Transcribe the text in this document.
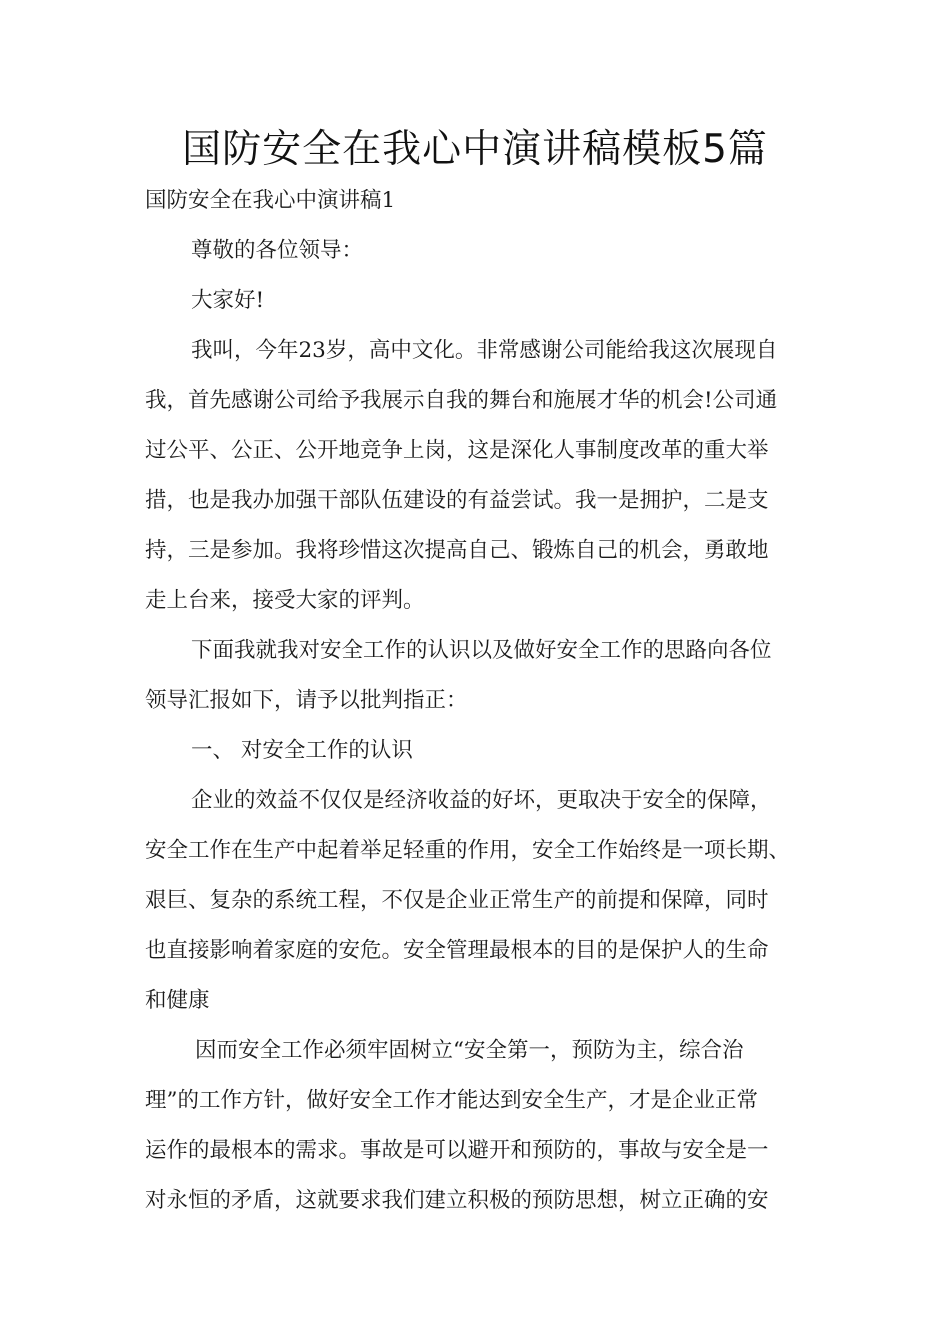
国防安全在我心中演讲稿模板5篇
国防安全在我心中演讲稿1
尊敬的各位领导：
大家好!
我叫，今年23岁，高中文化。非常感谢公司能给我这次展现自
我，首先感谢公司给予我展示自我的舞台和施展才华的机会!公司通
过公平、公正、公开地竞争上岗，这是深化人事制度改革的重大举
措，也是我办加强干部队伍建设的有益尝试。我一是拥护，二是支
持，三是参加。我将珍惜这次提高自己、锻炼自己的机会，勇敢地
走上台来，接受大家的评判。
下面我就我对安全工作的认识以及做好安全工作的思路向各位
领导汇报如下，请予以批判指正：
一、 对安全工作的认识
企业的效益不仅仅是经济收益的好坏，更取决于安全的保障，
安全工作在生产中起着举足轻重的作用，安全工作始终是一项长期、
艰巨、复杂的系统工程，不仅是企业正常生产的前提和保障，同时
也直接影响着家庭的安危。安全管理最根本的目的是保护人的生命
和健康
因而安全工作必须牢固树立“安全第一，预防为主，综合治
理”的工作方针，做好安全工作才能达到安全生产，才是企业正常
运作的最根本的需求。事故是可以避开和预防的，事故与安全是一
对永恒的矛盾，这就要求我们建立积极的预防思想，树立正确的安
